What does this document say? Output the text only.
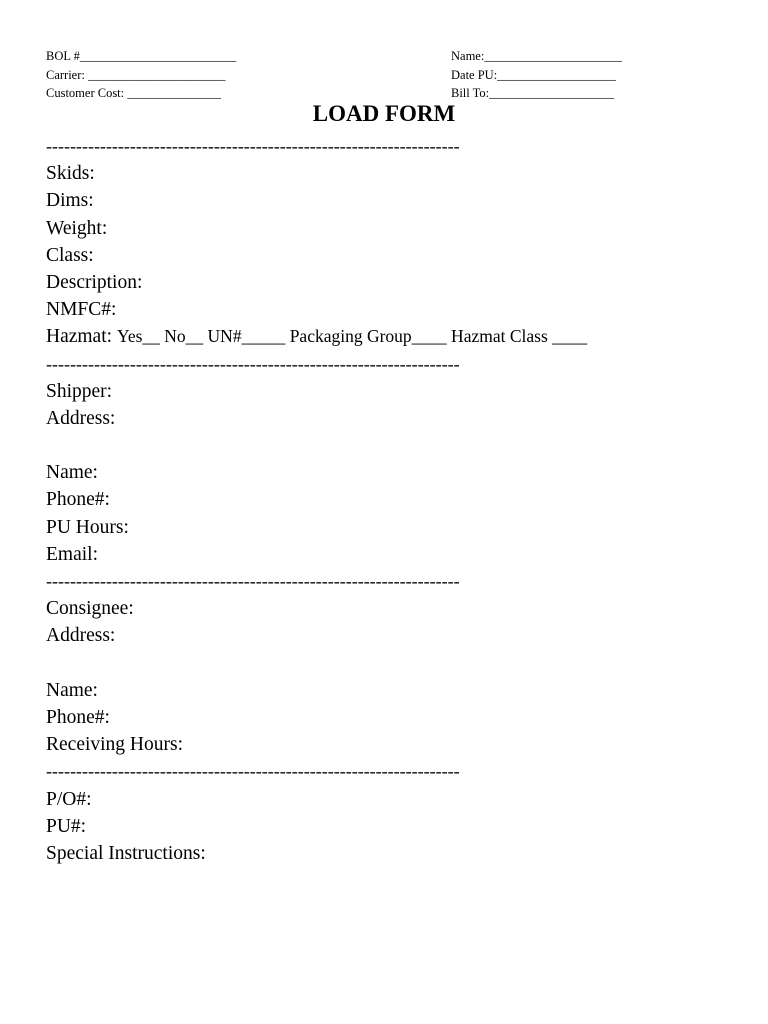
BOL #_________________________
Carrier: ______________________
Customer Cost: _______________
Name:______________________
Date PU:___________________
Bill To:____________________
LOAD FORM
---------------------------------------------------------------------
Skids:
Dims:
Weight:
Class:
Description:
NMFC#:
Hazmat: Yes__ No__ UN#_____ Packaging Group____ Hazmat Class ____
---------------------------------------------------------------------
Shipper:
Address:
Name:
Phone#:
PU Hours:
Email:
---------------------------------------------------------------------
Consignee:
Address:
Name:
Phone#:
Receiving Hours:
---------------------------------------------------------------------
P/O#:
PU#:
Special Instructions:
